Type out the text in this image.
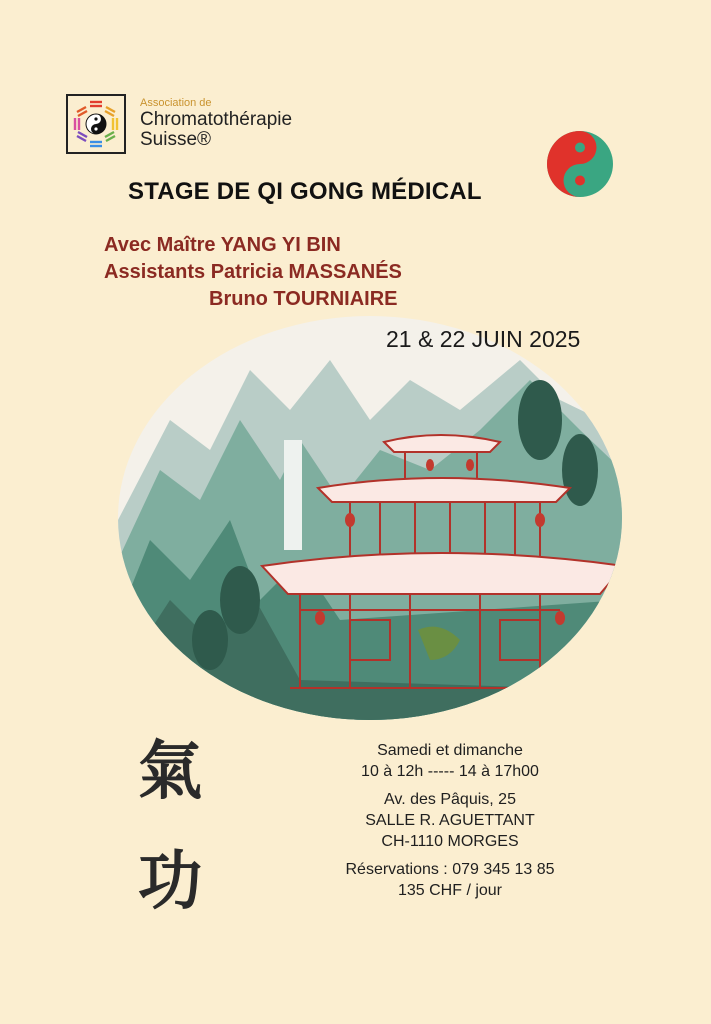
Association de
Chromatothérapie
Suisse®
STAGE DE QI GONG MÉDICAL
Avec Maître YANG YI BIN
Assistants Patricia MASSANÉS
Bruno TOURNIAIRE
21 & 22 JUIN 2025
氣
功
Samedi et dimanche
10 à 12h ----- 14 à 17h00
Av. des Pâquis, 25
SALLE R. AGUETTANT
CH-1110 MORGES
Réservations : 079 345 13 85
135 CHF / jour
